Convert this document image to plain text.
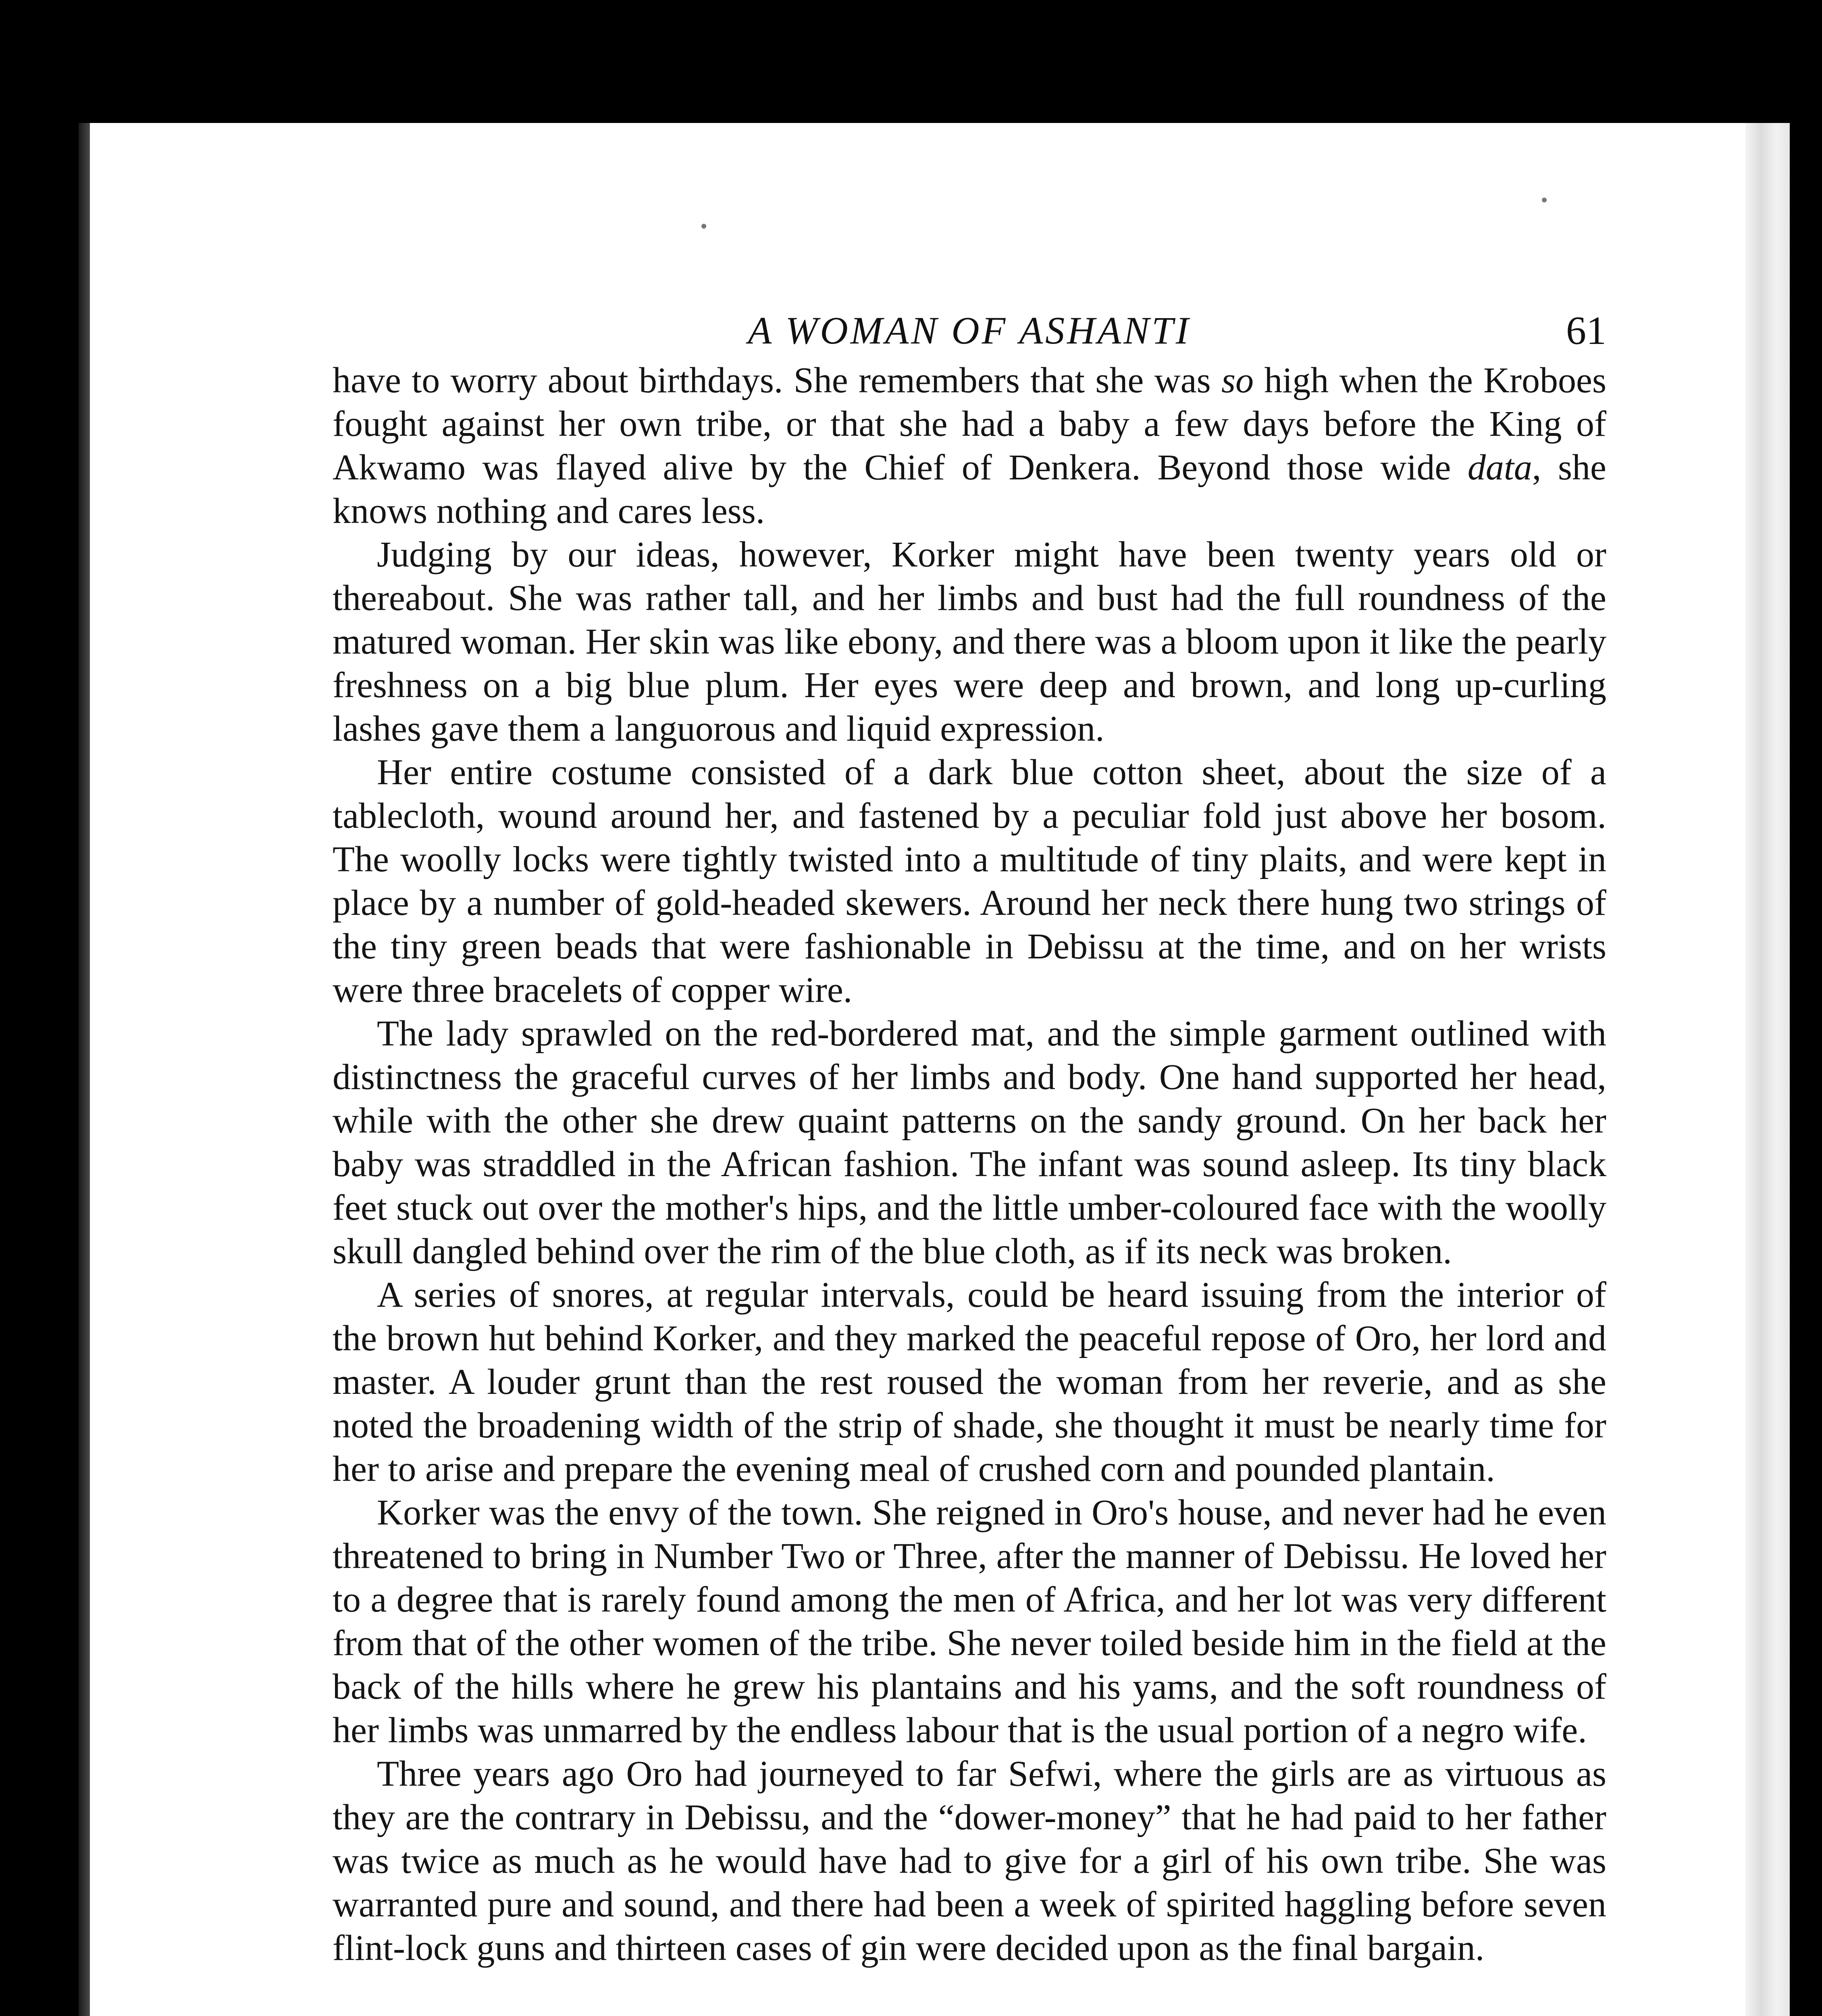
A WOMAN OF ASHANTI	61

have to worry about birthdays. She remembers that she was so high when the Kroboes fought against her own tribe, or that she had a baby a few days before the King of Akwamo was flayed alive by the Chief of Denkera. Beyond those wide data, she knows nothing and cares less.

Judging by our ideas, however, Korker might have been twenty years old or thereabout. She was rather tall, and her limbs and bust had the full roundness of the matured woman. Her skin was like ebony, and there was a bloom upon it like the pearly freshness on a big blue plum. Her eyes were deep and brown, and long up-curling lashes gave them a languorous and liquid expression.

Her entire costume consisted of a dark blue cotton sheet, about the size of a tablecloth, wound around her, and fastened by a peculiar fold just above her bosom. The woolly locks were tightly twisted into a multitude of tiny plaits, and were kept in place by a number of gold-headed skewers. Around her neck there hung two strings of the tiny green beads that were fashionable in Debissu at the time, and on her wrists were three bracelets of copper wire.

The lady sprawled on the red-bordered mat, and the simple garment outlined with distinctness the graceful curves of her limbs and body. One hand supported her head, while with the other she drew quaint patterns on the sandy ground. On her back her baby was straddled in the African fashion. The infant was sound asleep. Its tiny black feet stuck out over the mother's hips, and the little umber-coloured face with the woolly skull dangled behind over the rim of the blue cloth, as if its neck was broken.

A series of snores, at regular intervals, could be heard issuing from the interior of the brown hut behind Korker, and they marked the peaceful repose of Oro, her lord and master. A louder grunt than the rest roused the woman from her reverie, and as she noted the broadening width of the strip of shade, she thought it must be nearly time for her to arise and prepare the evening meal of crushed corn and pounded plantain.

Korker was the envy of the town. She reigned in Oro's house, and never had he even threatened to bring in Number Two or Three, after the manner of Debissu. He loved her to a degree that is rarely found among the men of Africa, and her lot was very different from that of the other women of the tribe. She never toiled beside him in the field at the back of the hills where he grew his plantains and his yams, and the soft roundness of her limbs was unmarred by the endless labour that is the usual portion of a negro wife.

Three years ago Oro had journeyed to far Sefwi, where the girls are as virtuous as they are the contrary in Debissu, and the “dower-money” that he had paid to her father was twice as much as he would have had to give for a girl of his own tribe. She was warranted pure and sound, and there had been a week of spirited haggling before seven flint-lock guns and thirteen cases of gin were decided upon as the final bargain.
